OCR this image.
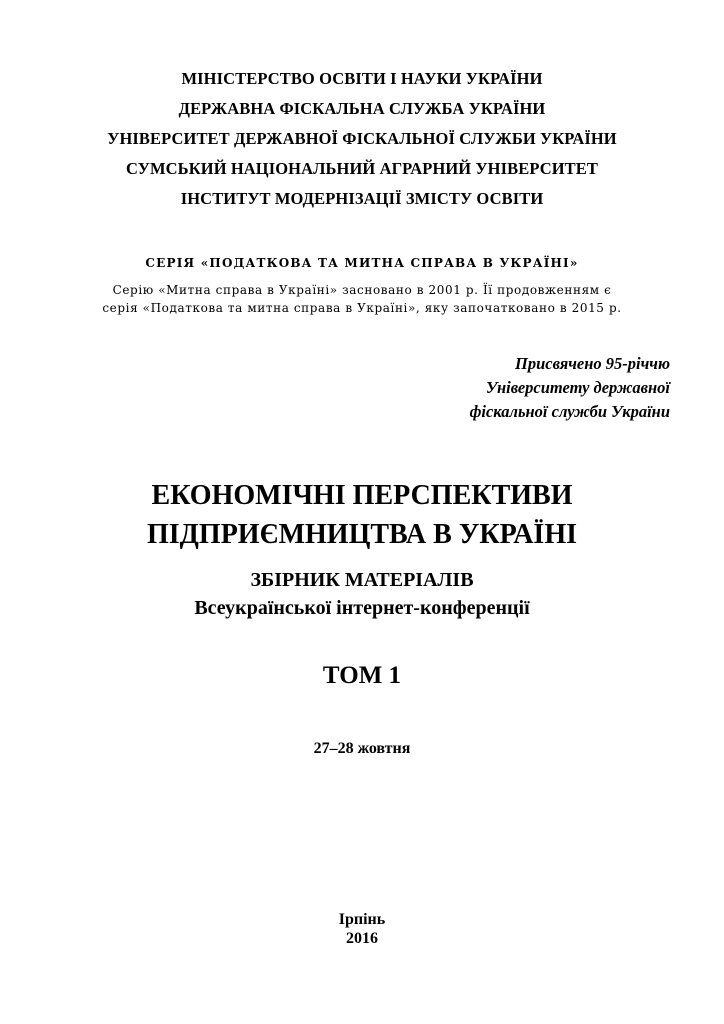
МІНІСТЕРСТВО ОСВІТИ І НАУКИ УКРАЇНИ
ДЕРЖАВНА ФІСКАЛЬНА СЛУЖБА УКРАЇНИ
УНІВЕРСИТЕТ ДЕРЖАВНОЇ ФІСКАЛЬНОЇ СЛУЖБИ УКРАЇНИ
СУМСЬКИЙ НАЦІОНАЛЬНИЙ АГРАРНИЙ УНІВЕРСИТЕТ
ІНСТИТУТ МОДЕРНІЗАЦІЇ ЗМІСТУ ОСВІТИ
СЕРІЯ «ПОДАТКОВА ТА МИТНА СПРАВА В УКРАЇНІ»
Серію «Митна справа в Україні» засновано в 2001 р. Її продовженням є
серія «Податкова та митна справа в Україні», яку започатковано в 2015 р.
Присвячено 95-річчю
Університету державної
фіскальної служби України
ЕКОНОМІЧНІ ПЕРСПЕКТИВИ
ПІДПРИЄМНИЦТВА В УКРАЇНІ
ЗБІРНИК МАТЕРІАЛІВ
Всеукраїнської інтернет-конференції
ТОМ 1
27–28 жовтня
Ірпінь
2016
